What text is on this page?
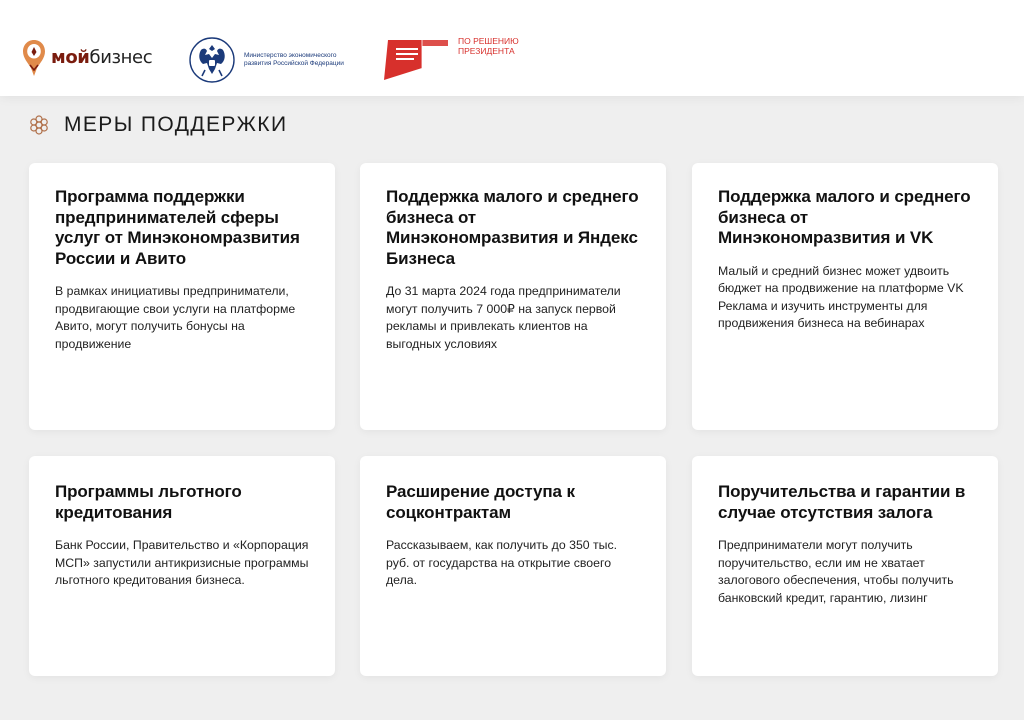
мойбизнес	Министерство экономического развития Российской Федерации
ПО РЕШЕНИЮ ПРЕЗИДЕНТА
МЕРЫ ПОДДЕРЖКИ
Программа поддержки предпринимателей сферы услуг от Минэкономразвития России и Авито

В рамках инициативы предприниматели, продвигающие свои услуги на платформе Авито, могут получить бонусы на продвижение

Поддержка малого и среднего бизнеса от Минэкономразвития и Яндекс Бизнеса

До 31 марта 2024 года предприниматели могут получить 7 000₽ на запуск первой рекламы и привлекать клиентов на выгодных условиях

Поддержка малого и среднего бизнеса от Минэкономразвития и VK

Малый и средний бизнес может удвоить бюджет на продвижение на платформе VK Реклама и изучить инструменты для продвижения бизнеса на вебинарах

Программы льготного кредитования

Банк России, Правительство и «Корпорация МСП» запустили антикризисные программы льготного кредитования бизнеса.

Расширение доступа к соцконтрактам

Рассказываем, как получить до 350 тыс. руб. от государства на открытие своего дела.

Поручительства и гарантии в случае отсутствия залога

Предприниматели могут получить поручительство, если им не хватает залогового обеспечения, чтобы получить банковский кредит, гарантию, лизинг
